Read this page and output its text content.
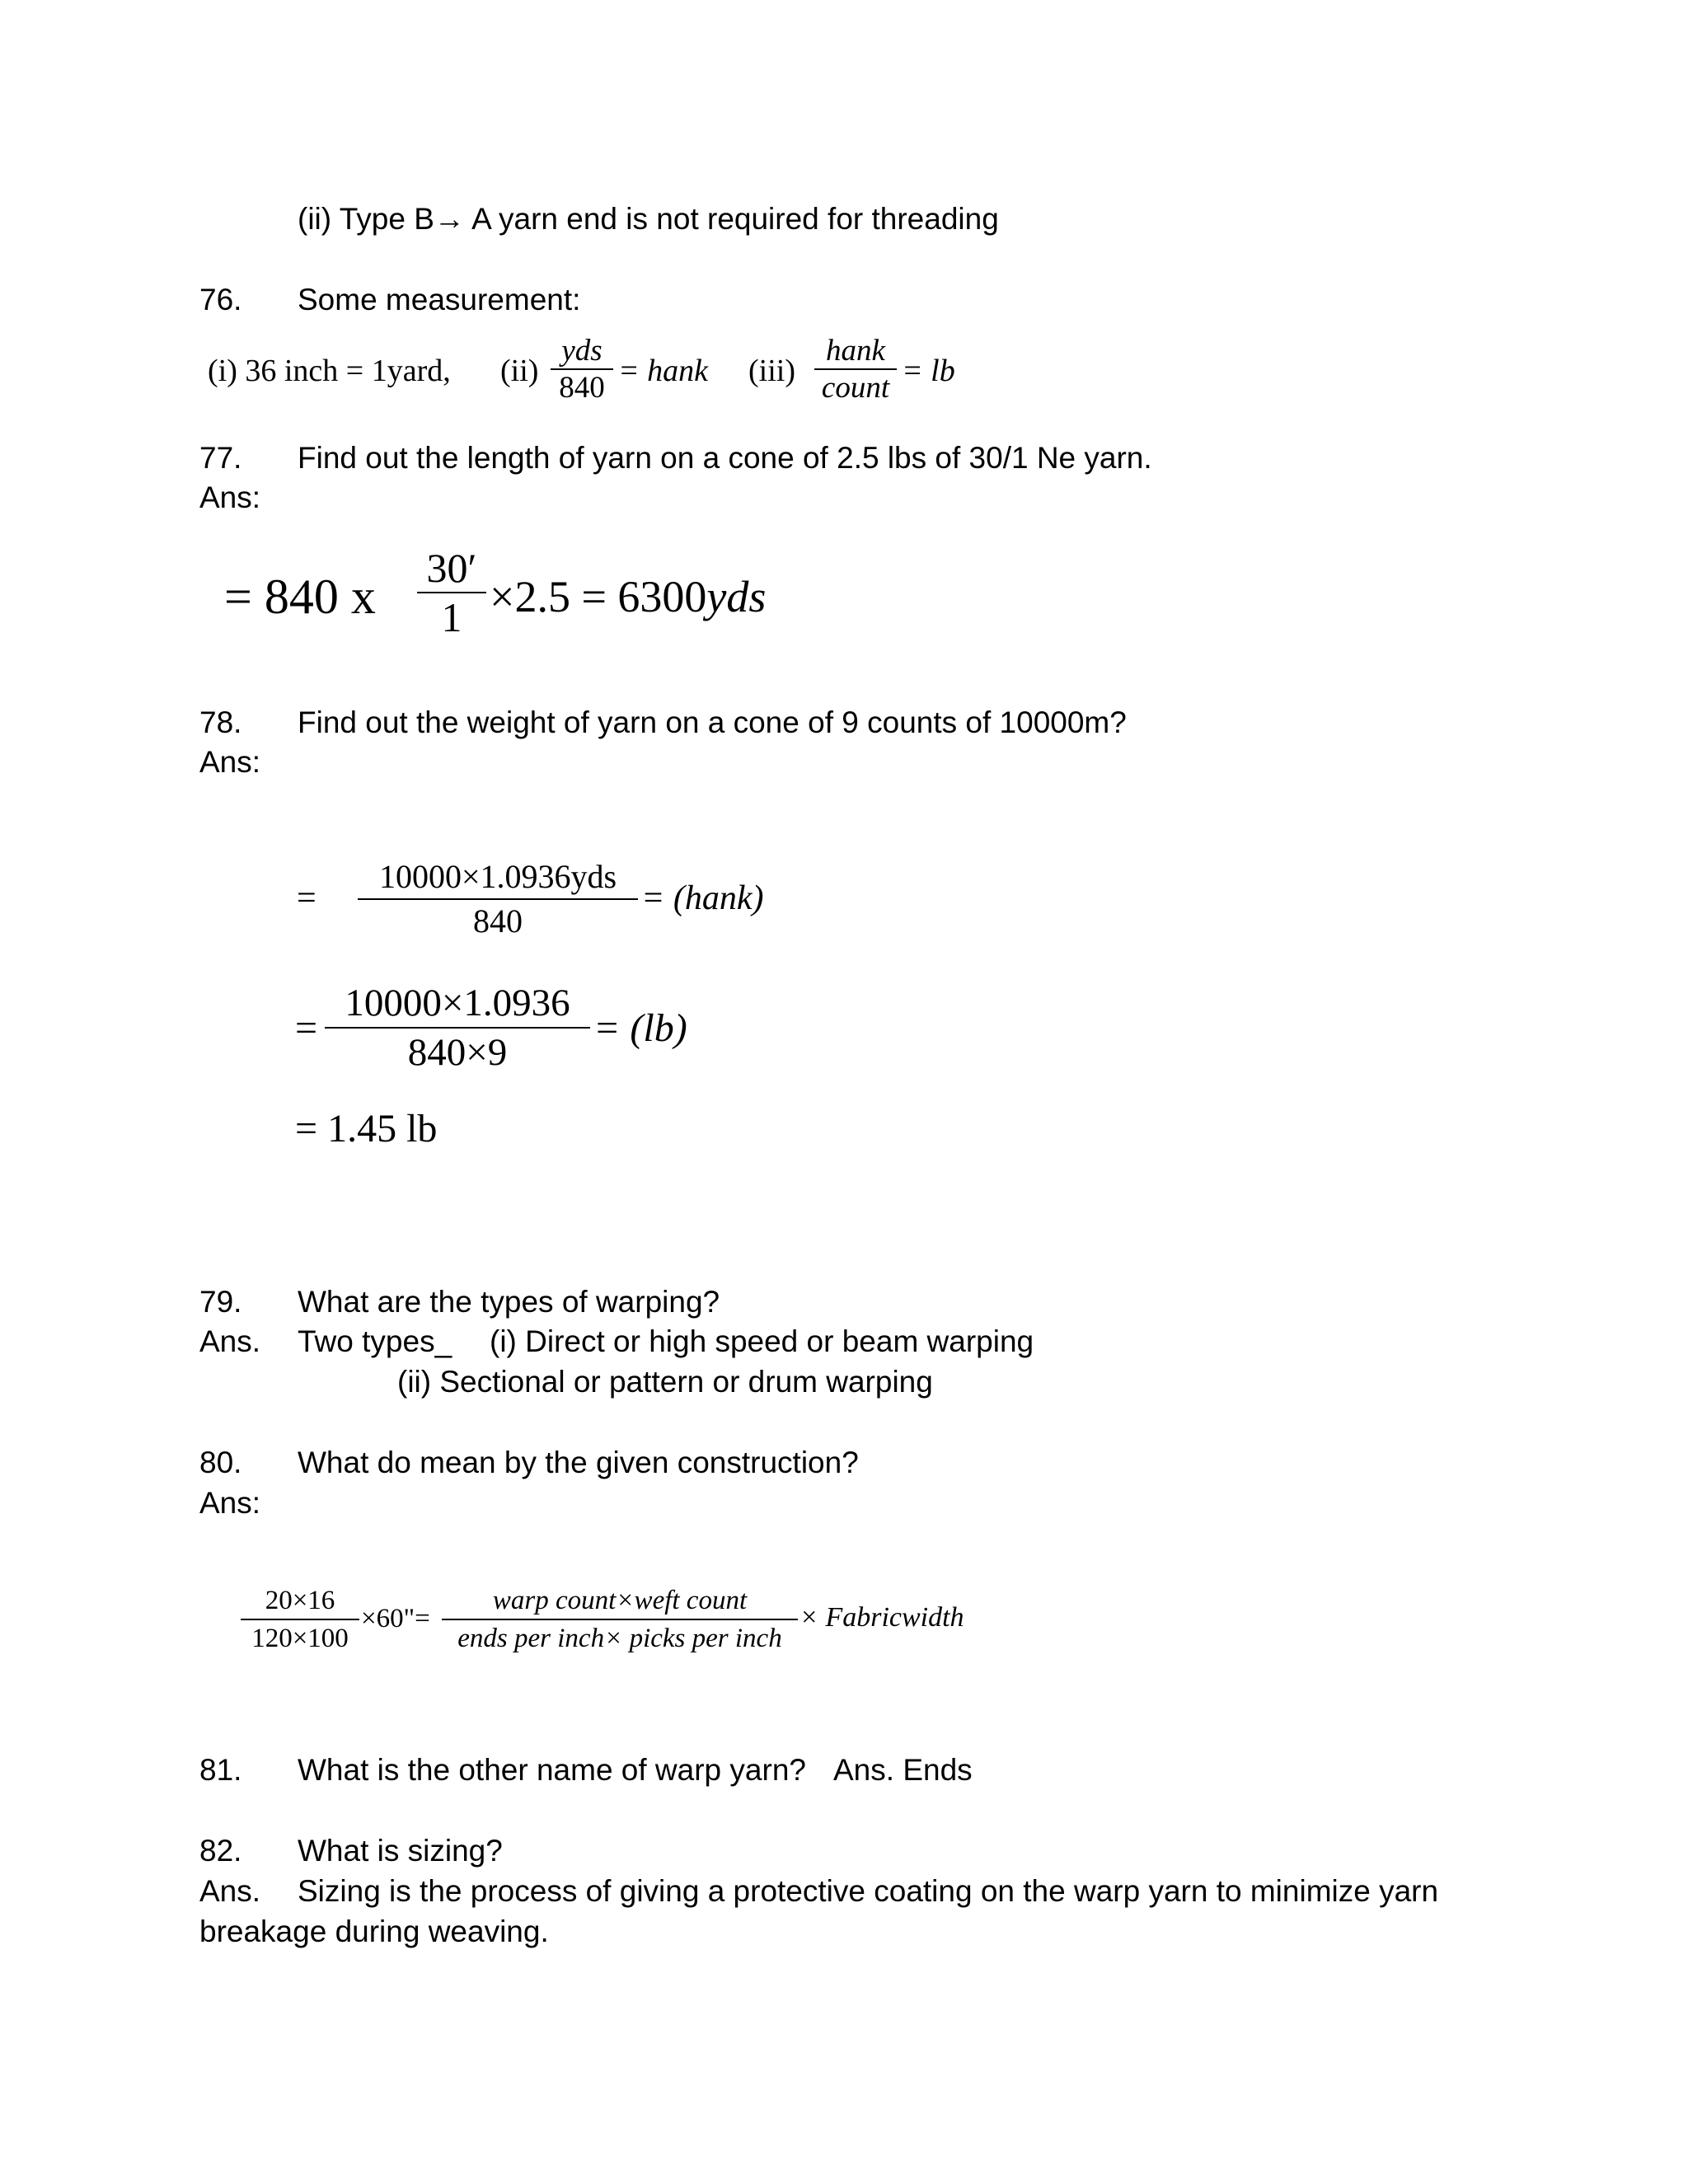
(ii) Type B→ A yarn end is not required for threading
76. Some measurement:
(i) 36 inch = 1yard, (ii)
yds
840 = hank (iii)
hank
count = lb
77. Find out the length of yarn on a cone of 2.5 lbs of 30/1 Ne yarn.
Ans:
= 840 x
30′
1 ×2.5 = 6300yds
78. Find out the weight of yarn on a cone of 9 counts of 10000m?
Ans:
=
10000×1.0936yds
840
= (hank)
=
10000×1.0936
840×9
= (lb)
= 1.45 lb
79. What are the types of warping?
Ans. Two types_ (i) Direct or high speed or beam warping
(ii) Sectional or pattern or drum warping
80. What do mean by the given construction?
Ans:
20×16
120×100
×60"=
warp count×weft count
ends per inch× picks per inch
× Fabricwidth
81. What is the other name of warp yarn? Ans. Ends
82. What is sizing?
Ans. Sizing is the process of giving a protective coating on the warp yarn to minimize yarn
breakage during weaving.
